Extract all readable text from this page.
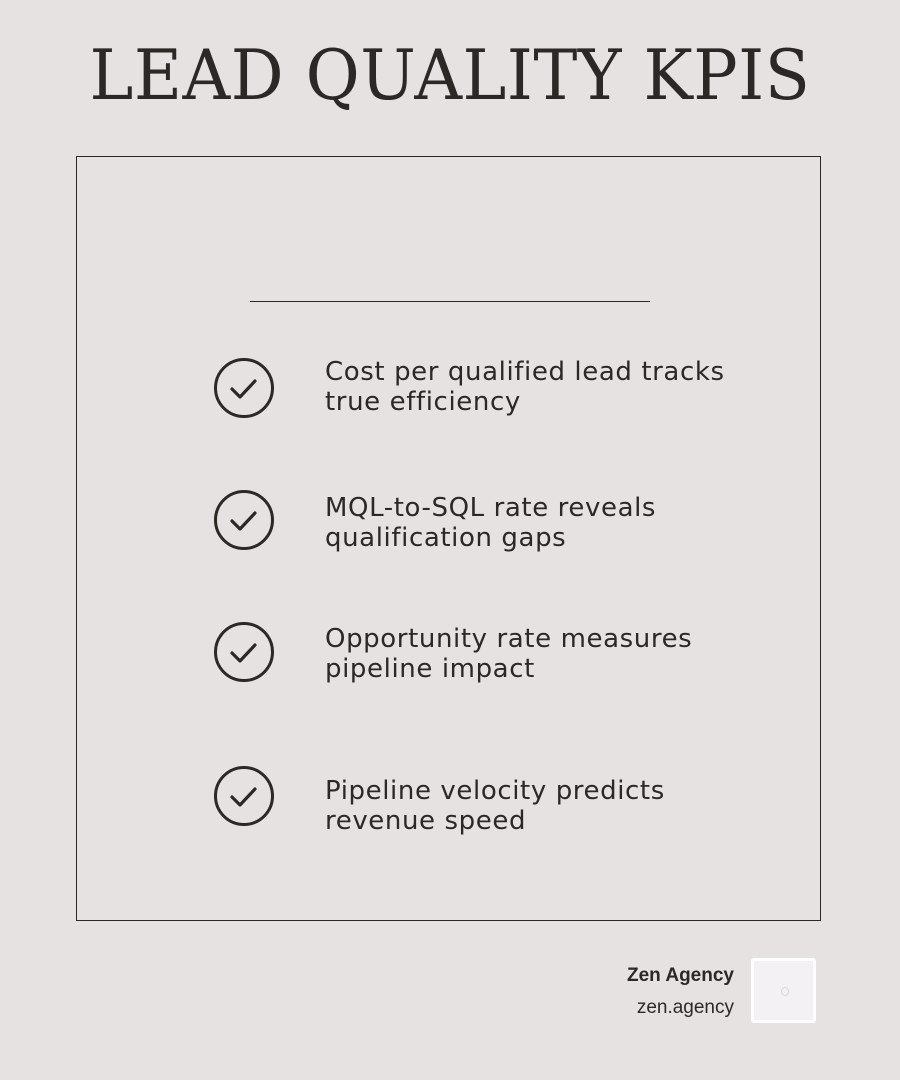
LEAD QUALITY KPIS
Cost per qualified lead tracks
true efficiency
MQL-to-SQL rate reveals
qualification gaps
Opportunity rate measures
pipeline impact
Pipeline velocity predicts
revenue speed
Zen Agency
zen.agency
